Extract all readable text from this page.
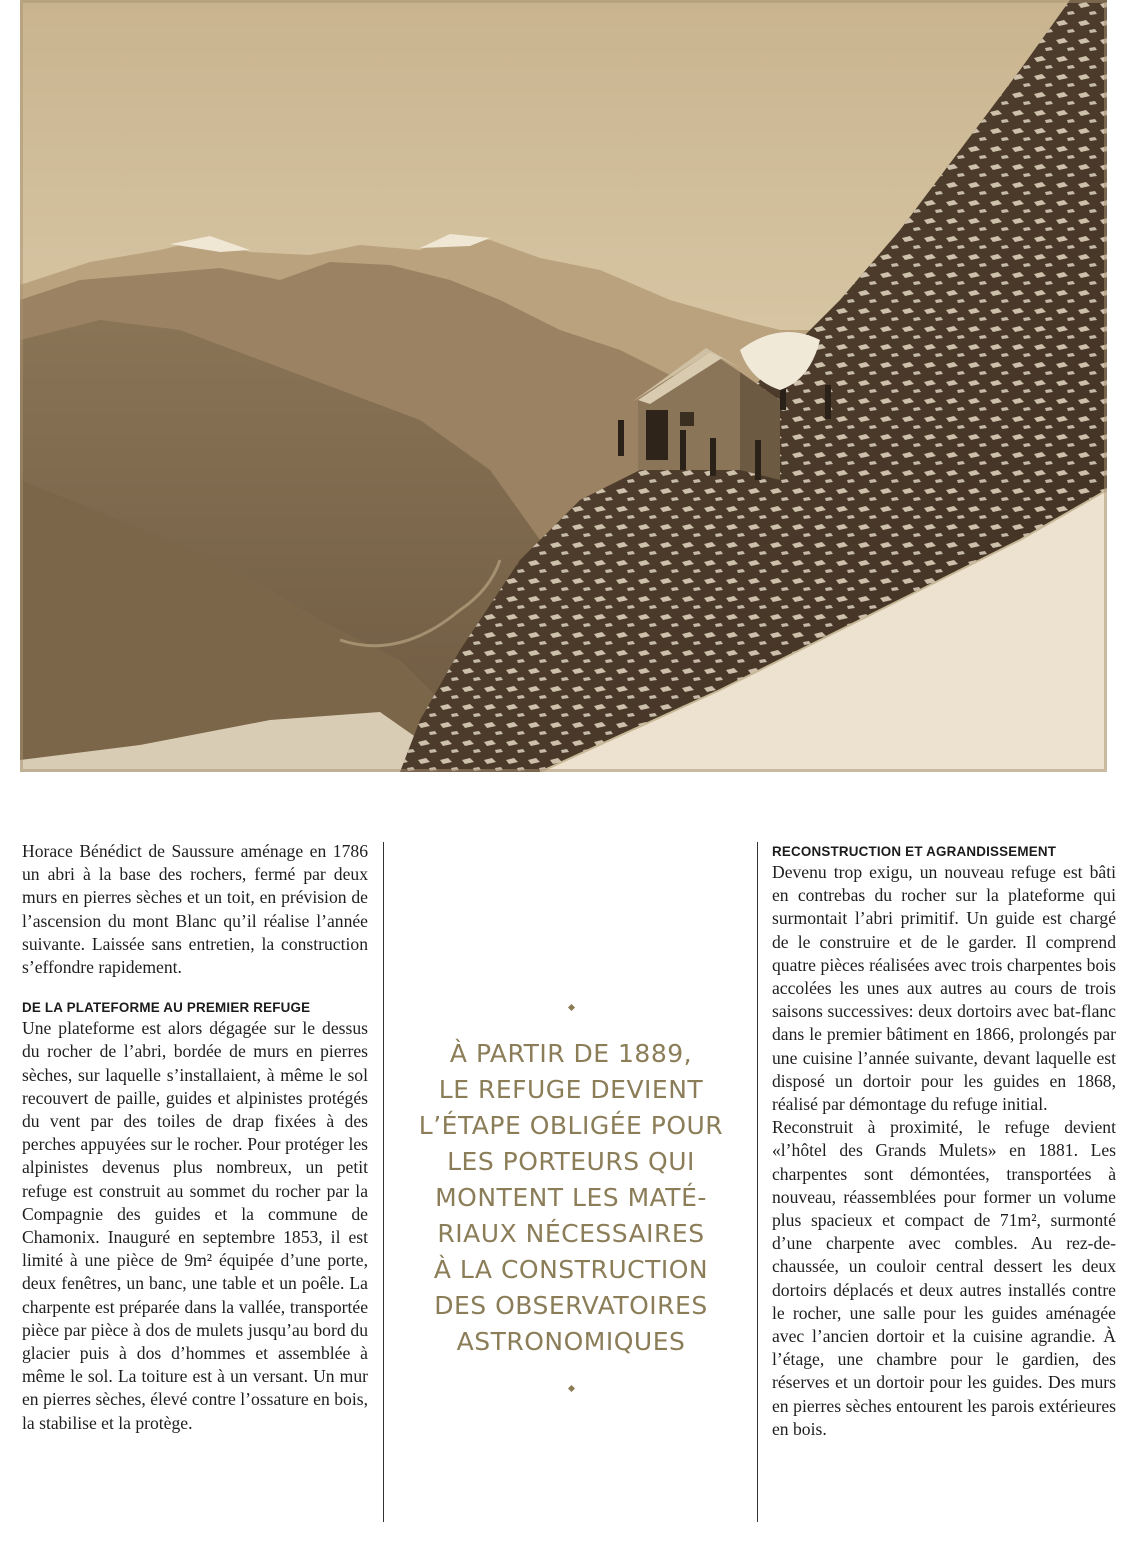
Horace Bénédict de Saussure aménage en 1786 un abri à la base des rochers, fermé par deux murs en pierres sèches et un toit, en prévision de l’ascension du mont Blanc qu’il réalise l’année suivante. Laissée sans entretien, la construction s’effondre rapidement.

DE LA PLATEFORME AU PREMIER REFUGE

Une plateforme est alors dégagée sur le dessus du rocher de l’abri, bordée de murs en pierres sèches, sur laquelle s’installaient, à même le sol recouvert de paille, guides et alpinistes protégés du vent par des toiles de drap fixées à des perches appuyées sur le rocher. Pour protéger les alpinistes devenus plus nombreux, un petit refuge est construit au sommet du rocher par la Compagnie des guides et la commune de Chamonix. Inauguré en septembre 1853, il est limité à une pièce de 9m² équipée d’une porte, deux fenêtres, un banc, une table et un poêle. La charpente est préparée dans la vallée, transportée pièce par pièce à dos de mulets jusqu’au bord du glacier puis à dos d’hommes et assemblée à même le sol. La toiture est à un versant. Un mur en pierres sèches, élevé contre l’ossature en bois, la stabilise et la protège.

À PARTIR DE 1889,
LE REFUGE DEVIENT
L’ÉTAPE OBLIGÉE POUR
LES PORTEURS QUI
MONTENT LES MATÉ-
RIAUX NÉCESSAIRES
À LA CONSTRUCTION
DES OBSERVATOIRES
ASTRONOMIQUES
RECONSTRUCTION ET AGRANDISSEMENT

Devenu trop exigu, un nouveau refuge est bâti en contrebas du rocher sur la plateforme qui surmontait l’abri primitif. Un guide est chargé de le construire et de le garder. Il comprend quatre pièces réalisées avec trois charpentes bois accolées les unes aux autres au cours de trois saisons successives: deux dortoirs avec bat-flanc dans le premier bâtiment en 1866, prolongés par une cuisine l’année suivante, devant laquelle est disposé un dortoir pour les guides en 1868, réalisé par démontage du refuge initial.

Reconstruit à proximité, le refuge devient «l’hôtel des Grands Mulets» en 1881. Les charpentes sont démontées, transportées à nouveau, réassemblées pour former un volume plus spacieux et compact de 71m², surmonté d’une charpente avec combles. Au rez-de-chaussée, un couloir central dessert les deux dortoirs déplacés et deux autres installés contre le rocher, une salle pour les guides aménagée avec l’ancien dortoir et la cuisine agrandie. À l’étage, une chambre pour le gardien, des réserves et un dortoir pour les guides. Des murs en pierres sèches entourent les parois extérieures en bois.
